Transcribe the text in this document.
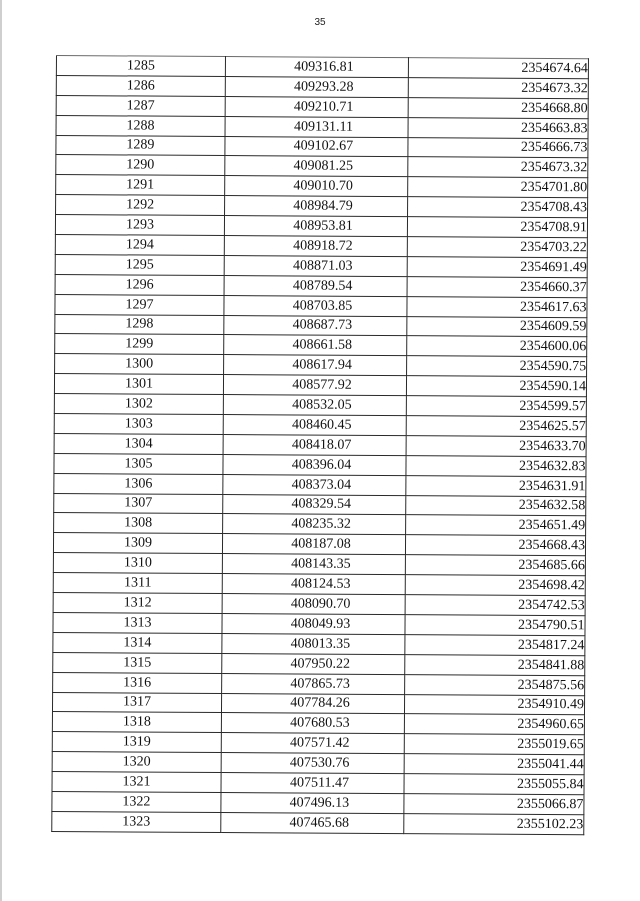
35
1285	409316.81	2354674.64
1286	409293.28	2354673.32
1287	409210.71	2354668.80
1288	409131.11	2354663.83
1289	409102.67	2354666.73
1290	409081.25	2354673.32
1291	409010.70	2354701.80
1292	408984.79	2354708.43
1293	408953.81	2354708.91
1294	408918.72	2354703.22
1295	408871.03	2354691.49
1296	408789.54	2354660.37
1297	408703.85	2354617.63
1298	408687.73	2354609.59
1299	408661.58	2354600.06
1300	408617.94	2354590.75
1301	408577.92	2354590.14
1302	408532.05	2354599.57
1303	408460.45	2354625.57
1304	408418.07	2354633.70
1305	408396.04	2354632.83
1306	408373.04	2354631.91
1307	408329.54	2354632.58
1308	408235.32	2354651.49
1309	408187.08	2354668.43
1310	408143.35	2354685.66
1311	408124.53	2354698.42
1312	408090.70	2354742.53
1313	408049.93	2354790.51
1314	408013.35	2354817.24
1315	407950.22	2354841.88
1316	407865.73	2354875.56
1317	407784.26	2354910.49
1318	407680.53	2354960.65
1319	407571.42	2355019.65
1320	407530.76	2355041.44
1321	407511.47	2355055.84
1322	407496.13	2355066.87
1323	407465.68	2355102.23
